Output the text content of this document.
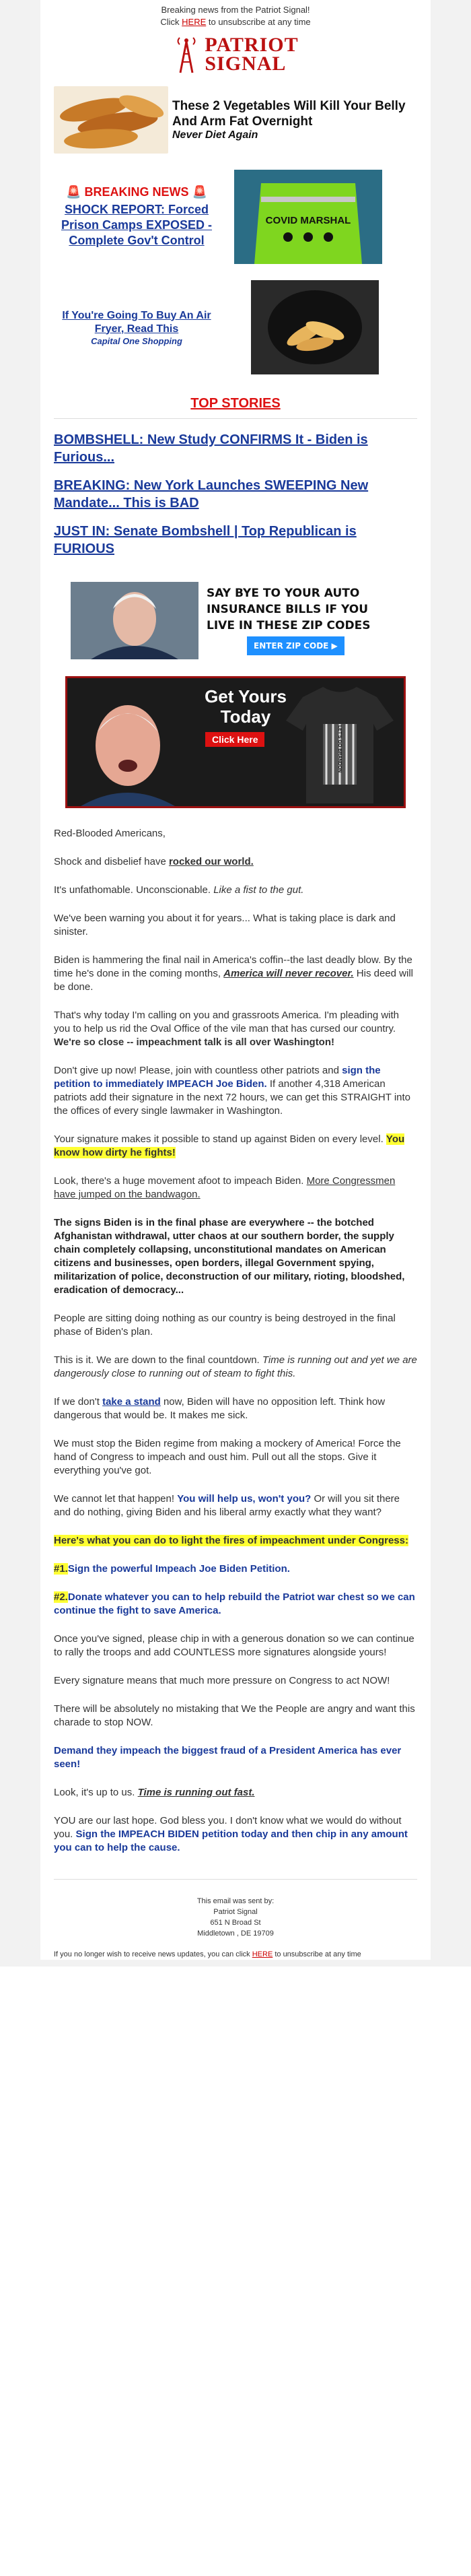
Breaking news from the Patriot Signal!
Click HERE to unsubscribe at any time
PATRIOT
SIGNAL
These 2 Vegetables Will Kill Your Belly And Arm Fat Overnight
Never Diet Again
🚨 BREAKING NEWS 🚨
SHOCK REPORT: Forced Prison Camps EXPOSED - Complete Gov't Control
COVID MARSHAL
If You're Going To Buy An Air Fryer, Read This
Capital One Shopping
TOP STORIES
BOMBSHELL: New Study CONFIRMS It - Biden is Furious...
BREAKING: New York Launches SWEEPING New Mandate... This is BAD
JUST IN: Senate Bombshell | Top Republican is FURIOUS
SAY BYE TO YOUR AUTO INSURANCE BILLS IF YOU LIVE IN THESE ZIP CODES
ENTER ZIP CODE ▶
Get Yours Today
Click Here	LET'S GO BRANDON

Red-Blooded Americans,

Shock and disbelief have rocked our world.

It's unfathomable. Unconscionable. Like a fist to the gut.

We've been warning you about it for years... What is taking place is dark and sinister.

Biden is hammering the final nail in America's coffin--the last deadly blow. By the time he's done in the coming months, America will never recover. His deed will be done.

That's why today I'm calling on you and grassroots America. I'm pleading with you to help us rid the Oval Office of the vile man that has cursed our country. We're so close -- impeachment talk is all over Washington!

Don't give up now! Please, join with countless other patriots and sign the petition to immediately IMPEACH Joe Biden. If another 4,318 American patriots add their signature in the next 72 hours, we can get this STRAIGHT into the offices of every single lawmaker in Washington.

Your signature makes it possible to stand up against Biden on every level. You know how dirty he fights!

Look, there's a huge movement afoot to impeach Biden. More Congressmen have jumped on the bandwagon.

The signs Biden is in the final phase are everywhere -- the botched Afghanistan withdrawal, utter chaos at our southern border, the supply chain completely collapsing, unconstitutional mandates on American citizens and businesses, open borders, illegal Government spying, militarization of police, deconstruction of our military, rioting, bloodshed, eradication of democracy...

People are sitting doing nothing as our country is being destroyed in the final phase of Biden's plan.

This is it. We are down to the final countdown. Time is running out and yet we are dangerously close to running out of steam to fight this.

If we don't take a stand now, Biden will have no opposition left. Think how dangerous that would be. It makes me sick.

We must stop the Biden regime from making a mockery of America! Force the hand of Congress to impeach and oust him. Pull out all the stops. Give it everything you've got.

We cannot let that happen! You will help us, won't you? Or will you sit there and do nothing, giving Biden and his liberal army exactly what they want?

Here's what you can do to light the fires of impeachment under Congress:

#1.Sign the powerful Impeach Joe Biden Petition.

#2.Donate whatever you can to help rebuild the Patriot war chest so we can continue the fight to save America.

Once you've signed, please chip in with a generous donation so we can continue to rally the troops and add COUNTLESS more signatures alongside yours!

Every signature means that much more pressure on Congress to act NOW!

There will be absolutely no mistaking that We the People are angry and want this charade to stop NOW.

Demand they impeach the biggest fraud of a President America has ever seen!

Look, it's up to us. Time is running out fast.

YOU are our last hope. God bless you. I don't know what we would do without you. Sign the IMPEACH BIDEN petition today and then chip in any amount you can to help the cause.

This email was sent by:
Patriot Signal
651 N Broad St
Middletown , DE 19709
If you no longer wish to receive news updates, you can click HERE to unsubscribe at any time
